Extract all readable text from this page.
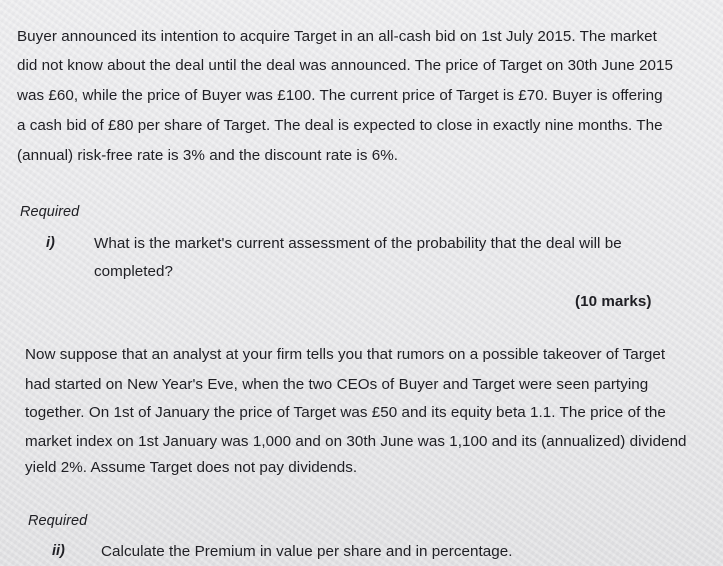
Buyer announced its intention to acquire Target in an all-cash bid on 1st July 2015. The market
did not know about the deal until the deal was announced. The price of Target on 30th June 2015
was £60, while the price of Buyer was £100. The current price of Target is £70. Buyer is offering
a cash bid of £80 per share of Target. The deal is expected to close in exactly nine months. The
(annual) risk-free rate is 3% and the discount rate is 6%.
Required
i)	What is the market's current assessment of the probability that the deal will be
completed?
(10 marks)
Now suppose that an analyst at your firm tells you that rumors on a possible takeover of Target
had started on New Year's Eve, when the two CEOs of Buyer and Target were seen partying
together. On 1st of January the price of Target was £50 and its equity beta 1.1. The price of the
market index on 1st January was 1,000 and on 30th June was 1,100 and its (annualized) dividend
yield 2%. Assume Target does not pay dividends.
Required
ii) Calculate the Premium in value per share and in percentage.
